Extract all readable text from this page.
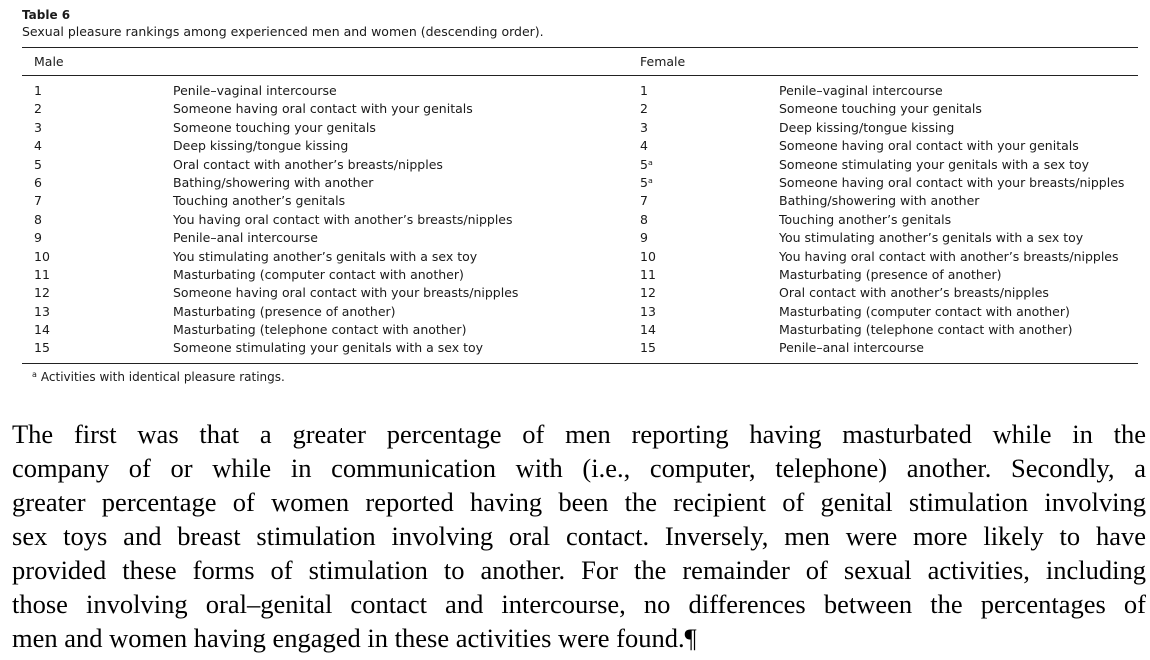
Table 6
Sexual pleasure rankings among experienced men and women (descending order).
Male	Female
1	Penile–vaginal intercourse	1	Penile–vaginal intercourse
2	Someone having oral contact with your genitals	2	Someone touching your genitals
3	Someone touching your genitals	3	Deep kissing/tongue kissing
4	Deep kissing/tongue kissing	4	Someone having oral contact with your genitals
5	Oral contact with another’s breasts/nipples	5ᵃ	Someone stimulating your genitals with a sex toy
6	Bathing/showering with another	5ᵃ	Someone having oral contact with your breasts/nipples
7	Touching another’s genitals	7	Bathing/showering with another
8	You having oral contact with another’s breasts/nipples	8	Touching another’s genitals
9	Penile–anal intercourse	9	You stimulating another’s genitals with a sex toy
10	You stimulating another’s genitals with a sex toy	10	You having oral contact with another’s breasts/nipples
11	Masturbating (computer contact with another)	11	Masturbating (presence of another)
12	Someone having oral contact with your breasts/nipples	12	Oral contact with another’s breasts/nipples
13	Masturbating (presence of another)	13	Masturbating (computer contact with another)
14	Masturbating (telephone contact with another)	14	Masturbating (telephone contact with another)
15	Someone stimulating your genitals with a sex toy	15	Penile–anal intercourse
$^a$ Activities with identical pleasure ratings.
The first was that a greater percentage of men reporting having masturbated while in the
company of or while in communication with (i.e., computer, telephone) another. Secondly, a
greater percentage of women reported having been the recipient of genital stimulation involving
sex toys and breast stimulation involving oral contact. Inversely, men were more likely to have
provided these forms of stimulation to another. For the remainder of sexual activities, including
those involving oral–genital contact and intercourse, no differences between the percentages of
men and women having engaged in these activities were found.¶
